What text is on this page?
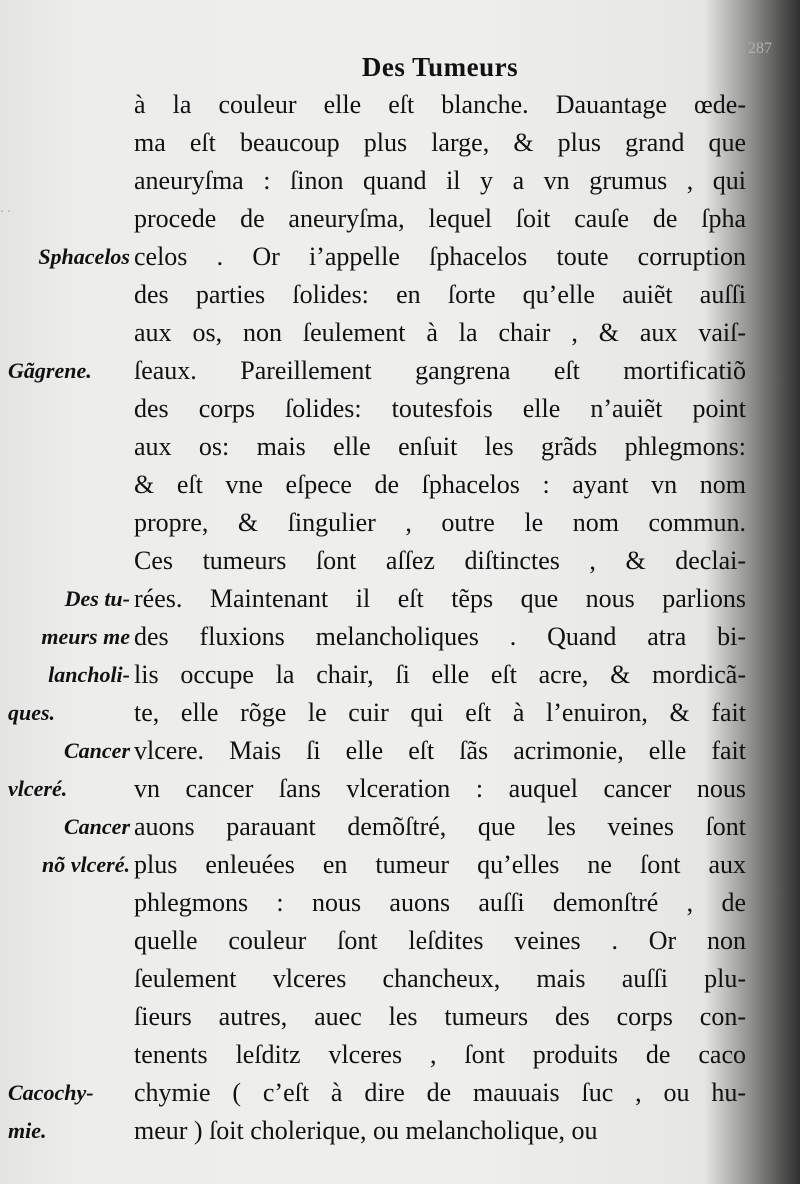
· ·
287
Des Tumeurs
à la couleur elle eſt blanche. Dauantage œde-
ma eſt beaucoup plus large, & plus grand que
aneuryſma : ſinon quand il y a vn grumus , qui
procede de aneuryſma, lequel ſoit cauſe de ſpha
celos . Or i’appelle ſphacelos toute corruption
des parties ſolides: en ſorte qu’elle auiẽt auſſi
aux os, non ſeulement à la chair , & aux vaiſ-
ſeaux. Pareillement gangrena eſt mortificatiõ
des corps ſolides: toutesfois elle n’auiẽt point
aux os: mais elle enſuit les grãds phlegmons:
& eſt vne eſpece de ſphacelos : ayant vn nom
propre, & ſingulier , outre le nom commun.
Ces tumeurs ſont aſſez diſtinctes , & declai-
rées. Maintenant il eſt tẽps que nous parlions
des fluxions melancholiques . Quand atra bi-
lis occupe la chair, ſi elle eſt acre, & mordicã-
te, elle rõge le cuir qui eſt à l’enuiron, & fait
vlcere. Mais ſi elle eſt ſãs acrimonie, elle fait
vn cancer ſans vlceration : auquel cancer nous
auons parauant demõſtré, que les veines ſont
plus enleuées en tumeur qu’elles ne ſont aux
phlegmons : nous auons auſſi demonſtré , de
quelle couleur ſont leſdites veines . Or non
ſeulement vlceres chancheux, mais auſſi plu-
ſieurs autres, auec les tumeurs des corps con-
tenents leſditz vlceres , ſont produits de caco
chymie ( c’eſt à dire de mauuais ſuc , ou hu-
meur ) ſoit cholerique, ou melancholique, ou
Sphacelos
Gãgrene.
Des tu-
meurs me
lancholi-
ques.
Cancer
vlceré.
Cancer
nõ vlceré.
Cacochy-
mie.
